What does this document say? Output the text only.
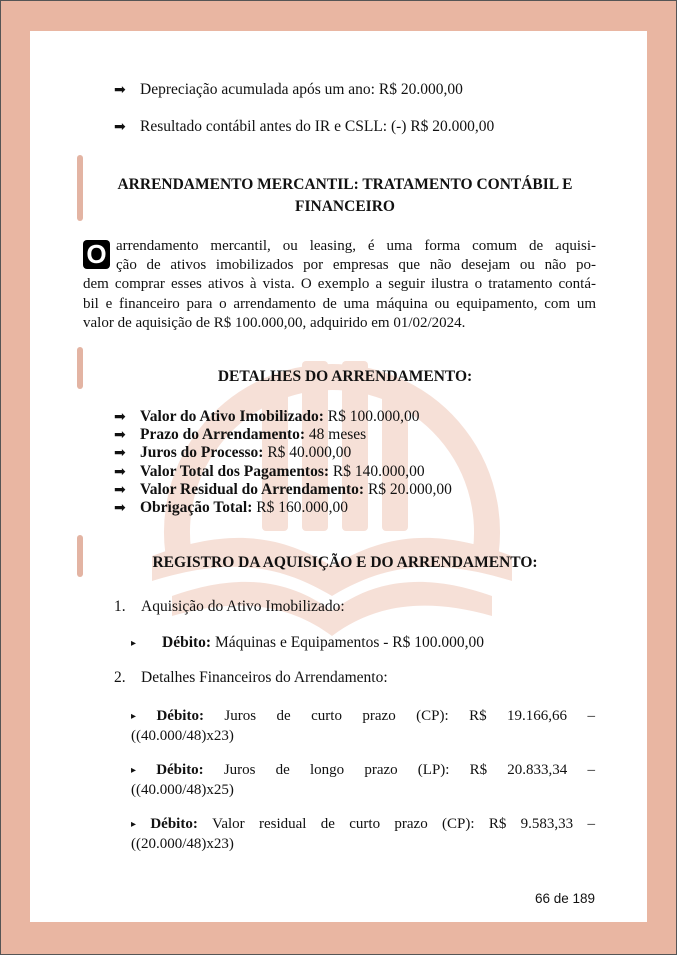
➡ Depreciação acumulada após um ano: R$ 20.000,00
➡ Resultado contábil antes do IR e CSLL: (-) R$ 20.000,00
ARRENDAMENTO MERCANTIL: TRATAMENTO CONTÁBIL E
FINANCEIRO
O arrendamento mercantil, ou leasing, é uma forma comum de aquisi-
ção de ativos imobilizados por empresas que não desejam ou não po-
dem comprar esses ativos à vista. O exemplo a seguir ilustra o tratamento contá-
bil e financeiro para o arrendamento de uma máquina ou equipamento, com um
valor de aquisição de R$ 100.000,00, adquirido em 01/02/2024.
DETALHES DO ARRENDAMENTO:
➡ Valor do Ativo Imobilizado:
R$ 100.000,00
➡ Prazo do Arrendamento:
48 meses
➡ Juros do Processo:
R$ 40.000,00
➡ Valor Total dos Pagamentos:
R$ 140.000,00
➡ Valor Residual do Arrendamento:
R$ 20.000,00
➡ Obrigação Total:
R$ 160.000,00
REGISTRO DA AQUISIÇÃO E DO ARRENDAMENTO:
1. Aquisição do Ativo Imobilizado:
▸	Débito:
Máquinas e Equipamentos - R$ 100.000,00
2. Detalhes Financeiros do Arrendamento:
▸ Débito: Juros de curto prazo (CP): R$ 19.166,66 –
((40.000/48)x23)
▸ Débito: Juros de longo prazo (LP): R$ 20.833,34 –
((40.000/48)x25)
▸ Débito: Valor residual de curto prazo (CP): R$ 9.583,33 –
((20.000/48)x23)
66 de 189
